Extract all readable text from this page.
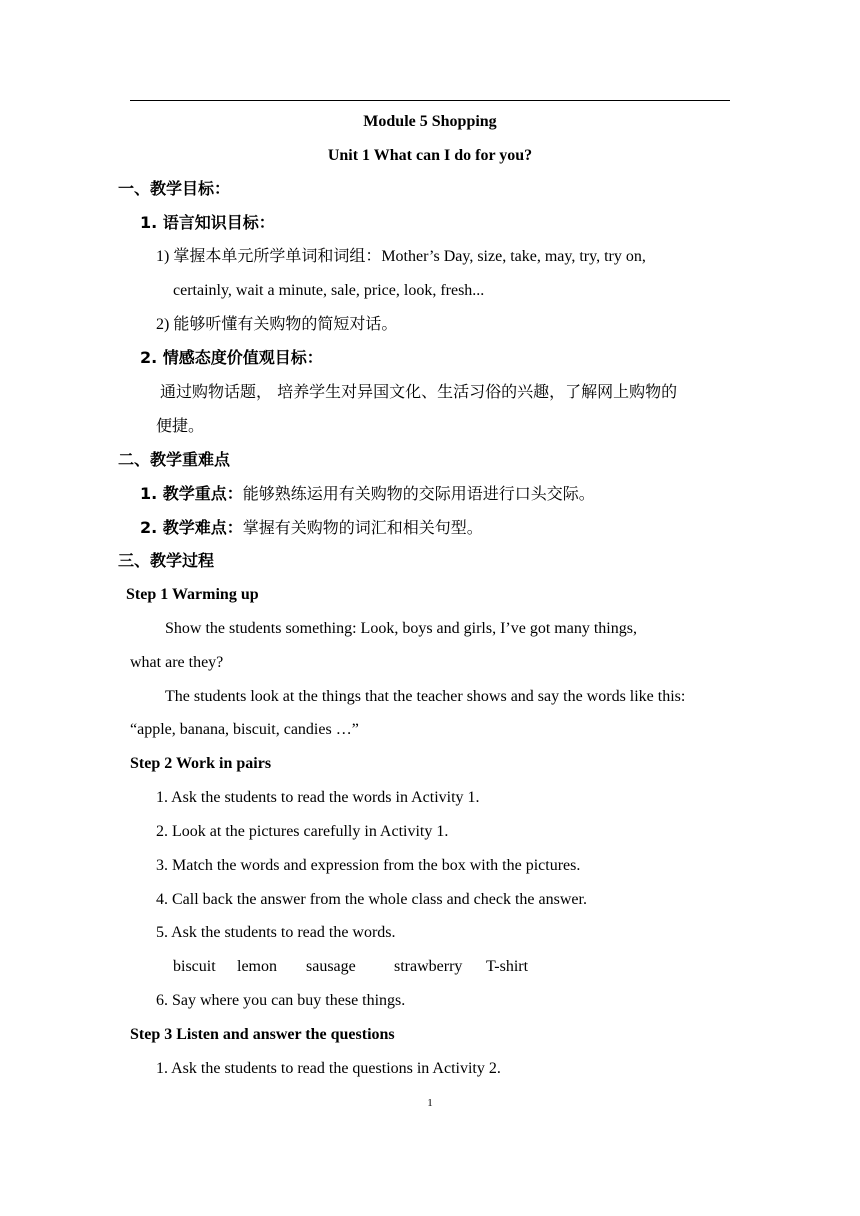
Module 5 Shopping
Unit 1 What can I do for you?
一、教学目标：
1. 语言知识目标：
1) 掌握本单元所学单词和词组：Mother’s Day, size, take, may, try, try on,
certainly, wait a minute, sale, price, look, fresh...
2) 能够听懂有关购物的简短对话。
2. 情感态度价值观目标：
通过购物话题， 培养学生对异国文化、生活习俗的兴趣，了解网上购物的
便捷。
二、教学重难点
1. 教学重点：能够熟练运用有关购物的交际用语进行口头交际。
2. 教学难点：掌握有关购物的词汇和相关句型。
三、教学过程
Step 1 Warming up
Show the students something: Look, boys and girls, I’ve got many things,
what are they?
The students look at the things that the teacher shows and say the words like this:
“apple, banana, biscuit, candies …”
Step 2 Work in pairs
1. Ask the students to read the words in Activity 1.
2. Look at the pictures carefully in Activity 1.
3. Match the words and expression from the box with the pictures.
4. Call back the answer from the whole class and check the answer.
5. Ask the students to read the words.
biscuit lemon sausage strawberry T-shirt
6. Say where you can buy these things.
Step 3 Listen and answer the questions
1. Ask the students to read the questions in Activity 2.
1
